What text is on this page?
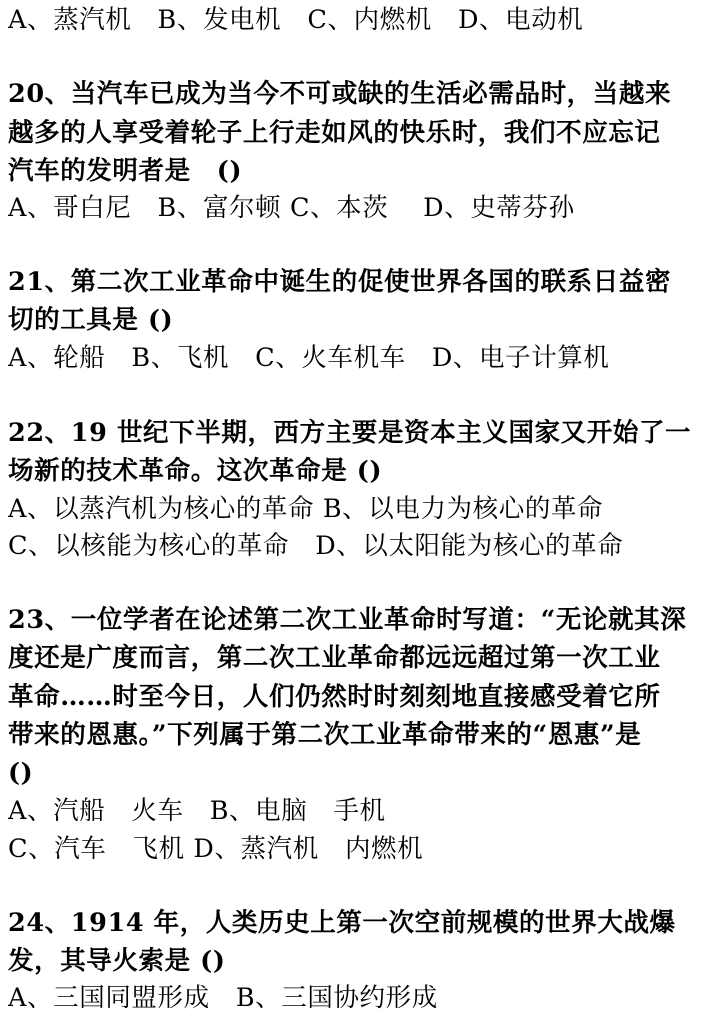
A、蒸汽机　B、发电机　C、内燃机　D、电动机
20、当汽车已成为当今不可或缺的生活必需品时，当越来
越多的人享受着轮子上行走如风的快乐时，我们不应忘记
汽车的发明者是　()
A、哥白尼　B、富尔顿 C、本茨　 D、史蒂芬孙
21、第二次工业革命中诞生的促使世界各国的联系日益密
切的工具是 ()
A、轮船　B、飞机　C、火车机车　D、电子计算机
22、19 世纪下半期，西方主要是资本主义国家又开始了一
场新的技术革命。这次革命是 ()
A、以蒸汽机为核心的革命 B、以电力为核心的革命
C、以核能为核心的革命　D、以太阳能为核心的革命
23、一位学者在论述第二次工业革命时写道：“无论就其深
度还是广度而言，第二次工业革命都远远超过第一次工业
革命……时至今日，人们仍然时时刻刻地直接感受着它所
带来的恩惠。”下列属于第二次工业革命带来的“恩惠”是
()
A、汽船　火车　B、电脑　手机
C、汽车　飞机 D、蒸汽机　内燃机
24、1914 年，人类历史上第一次空前规模的世界大战爆
发，其导火索是 ()
A、三国同盟形成　B、三国协约形成
